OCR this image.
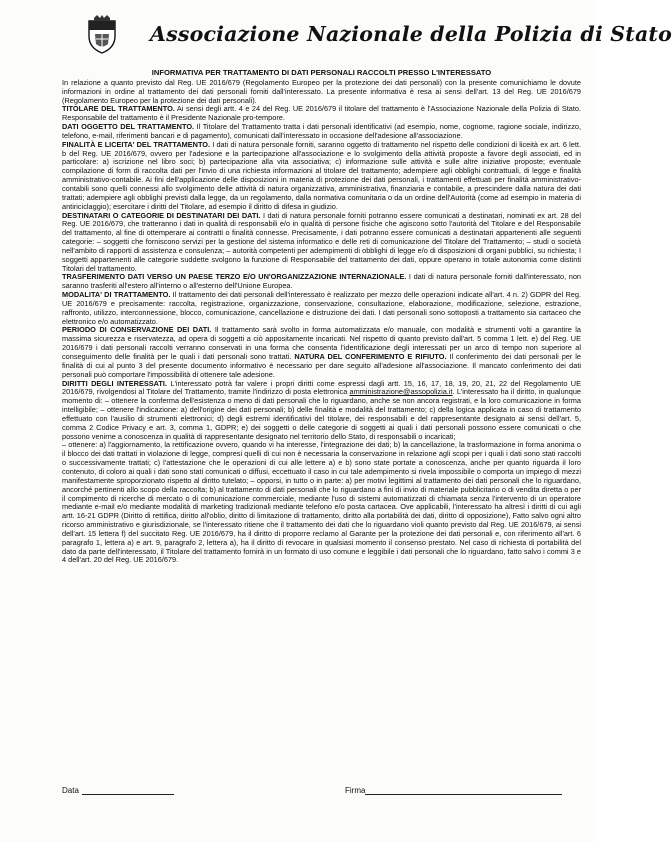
Associazione Nazionale della Polizia di Stato
INFORMATIVA PER TRATTAMENTO DI DATI PERSONALI RACCOLTI PRESSO L'INTERESSATO

In relazione a quanto previsto dal Reg. UE 2016/679 (Regolamento Europeo per la protezione dei dati personali) con la presente comunichiamo le dovute informazioni in ordine al trattamento dei dati personali forniti dall'interessato. La presente informativa è resa ai sensi dell'art. 13 del Reg. UE 2016/679 (Regolamento Europeo per la protezione dei dati personali).

TITOLARE DEL TRATTAMENTO. Ai sensi degli artt. 4 e 24 del Reg. UE 2016/679 il titolare del trattamento è l'Associazione Nazionale della Polizia di Stato. Responsabile del trattamento è il Presidente Nazionale pro-tempore.

DATI OGGETTO DEL TRATTAMENTO. Il Titolare del Trattamento tratta i dati personali identificativi (ad esempio, nome, cognome, ragione sociale, indirizzo, telefono, e-mail, riferimenti bancari e di pagamento), comunicati dall'interessato in occasione dell'adesione all'associazione.

FINALITÀ E LICEITA' DEL TRATTAMENTO. I dati di natura personale forniti, saranno oggetto di trattamento nel rispetto delle condizioni di liceità ex art. 6 lett. b del Reg. UE 2016/679, ovvero per l'adesione e la partecipazione all'associazione e lo svolgimento della attività proposte a favore degli associati, ed in particolare: a) iscrizione nel libro soci; b) partecipazione alla vita associativa; c) informazione sulle attività e sulle altre iniziative proposte; eventuale compilazione di form di raccolta dati per l'invio di una richiesta informazioni al titolare del trattamento; adempiere agli obblighi contrattuali, di legge e finalità amministrativo-contabile. Ai fini dell'applicazione delle disposizioni in materia di protezione dei dati personali, i trattamenti effettuati per finalità amministrativo-contabili sono quelli connessi allo svolgimento delle attività di natura organizzativa, amministrativa, finanziaria e contabile, a prescindere dalla natura dei dati trattati; adempiere agli obblighi previsti dalla legge, da un regolamento, dalla normativa comunitaria o da un ordine dell'Autorità (come ad esempio in materia di antiriciclaggio); esercitare i diritti del Titolare, ad esempio il diritto di difesa in giudizio.

DESTINATARI O CATEGORIE DI DESTINATARI DEI DATI. I dati di natura personale forniti potranno essere comunicati a destinatari, nominati ex art. 28 del Reg. UE 2016/679, che tratteranno i dati in qualità di responsabili e/o in qualità di persone fisiche che agiscono sotto l'autorità del Titolare e del Responsabile del trattamento, al fine di ottemperare ai contratti o finalità connesse. Precisamente, i dati potranno essere comunicati a destinatari appartenenti alle seguenti categorie: – soggetti che forniscono servizi per la gestione del sistema informatico e delle reti di comunicazione del Titolare del Trattamento; – studi o società nell'ambito di rapporti di assistenza e consulenza; – autorità competenti per adempimenti di obblighi di legge e/o di disposizioni di organi pubblici, su richiesta; I soggetti appartenenti alle categorie suddette svolgono la funzione di Responsabile del trattamento dei dati, oppure operano in totale autonomia come distinti Titolari del trattamento.

TRASFERIMENTO DATI VERSO UN PAESE TERZO E/O UN'ORGANIZZAZIONE INTERNAZIONALE. I dati di natura personale forniti dall'interessato, non saranno trasferiti all'estero all'interno o all'esterno dell'Unione Europea.

MODALITA' DI TRATTAMENTO. Il trattamento dei dati personali dell'interessato è realizzato per mezzo delle operazioni indicate all'art. 4 n. 2) GDPR del Reg. UE 2016/679 e precisamente: raccolta, registrazione, organizzazione, conservazione, consultazione, elaborazione, modificazione, selezione, estrazione, raffronto, utilizzo, interconnessione, blocco, comunicazione, cancellazione e distruzione dei dati. I dati personali sono sottoposti a trattamento sia cartaceo che elettronico e/o automatizzato.

PERIODO DI CONSERVAZIONE DEI DATI. Il trattamento sarà svolto in forma automatizzata e/o manuale, con modalità e strumenti volti a garantire la massima sicurezza e riservatezza, ad opera di soggetti a ciò appositamente incaricati. Nel rispetto di quanto previsto dall'art. 5 comma 1 lett. e) del Reg. UE 2016/679 i dati personali raccolti verranno conservati in una forma che consenta l'identificazione degli interessati per un arco di tempo non superiore al conseguimento delle finalità per le quali i dati personali sono trattati. NATURA DEL CONFERIMENTO E RIFIUTO. Il conferimento dei dati personali per le finalità di cui al punto 3 del presente documento informativo è necessario per dare seguito all'adesione all'associazione. Il mancato conferimento dei dati personali può comportare l'impossibilità di ottenere tale adesione.

DIRITTI DEGLI INTERESSATI. L'interessato potrà far valere i propri diritti come espressi dagli artt. 15, 16, 17, 18, 19, 20, 21, 22 del Regolamento UE 2016/679, rivolgendosi al Titolare del Trattamento, tramite l'indirizzo di posta elettronica amministrazione@assopolizia.it. L'interessato ha il diritto, in qualunque momento di: – ottenere la conferma dell'esistenza o meno di dati personali che lo riguardano, anche se non ancora registrati, e la loro comunicazione in forma intelligibile; – ottenere l'indicazione: a) dell'origine dei dati personali; b) delle finalità e modalità del trattamento; c) della logica applicata in caso di trattamento effettuato con l'ausilio di strumenti elettronici; d) degli estremi identificativi del titolare, dei responsabili e del rappresentante designato ai sensi dell'art. 5, comma 2 Codice Privacy e art. 3, comma 1, GDPR; e) dei soggetti o delle categorie di soggetti ai quali i dati personali possono essere comunicati o che possono venirne a conoscenza in qualità di rappresentante designato nel territorio dello Stato, di responsabili o incaricati;

– ottenere: a) l'aggiornamento, la rettificazione ovvero, quando vi ha interesse, l'integrazione dei dati; b) la cancellazione, la trasformazione in forma anonima o il blocco dei dati trattati in violazione di legge, compresi quelli di cui non è necessaria la conservazione in relazione agli scopi per i quali i dati sono stati raccolti o successivamente trattati; c) l'attestazione che le operazioni di cui alle lettere a) e b) sono state portate a conoscenza, anche per quanto riguarda il loro contenuto, di coloro ai quali i dati sono stati comunicati o diffusi, eccettuato il caso in cui tale adempimento si rivela impossibile o comporta un impiego di mezzi manifestamente sproporzionato rispetto al diritto tutelato; – opporsi, in tutto o in parte: a) per motivi legittimi al trattamento dei dati personali che lo riguardano, ancorché pertinenti allo scopo della raccolta; b) al trattamento di dati personali che lo riguardano a fini di invio di materiale pubblicitario o di vendita diretta o per il compimento di ricerche di mercato o di comunicazione commerciale, mediante l'uso di sistemi automatizzati di chiamata senza l'intervento di un operatore mediante e-mail e/o mediante modalità di marketing tradizionali mediante telefono e/o posta cartacea. Ove applicabili, l'interessato ha altresì i diritti di cui agli artt. 16-21 GDPR (Diritto di rettifica, diritto all'oblio, diritto di limitazione di trattamento, diritto alla portabilità dei dati, diritto di opposizione), Fatto salvo ogni altro ricorso amministrativo e giurisdizionale, se l'interessato ritiene che il trattamento dei dati che lo riguardano violi quanto previsto dal Reg. UE 2016/679, ai sensi dell'art. 15 lettera f) del succitato Reg. UE 2016/679, ha il diritto di proporre reclamo al Garante per la protezione dei dati personali e, con riferimento all'art. 6 paragrafo 1, lettera a) e art. 9, paragrafo 2, lettera a), ha il diritto di revocare in qualsiasi momento il consenso prestato. Nel caso di richiesta di portabilità del dato da parte dell'interessato, il Titolare del trattamento fornirà in un formato di uso comune e leggibile i dati personali che lo riguardano, fatto salvo i commi 3 e 4 dell'art. 20 del Reg. UE 2016/679.

Data	Firma
